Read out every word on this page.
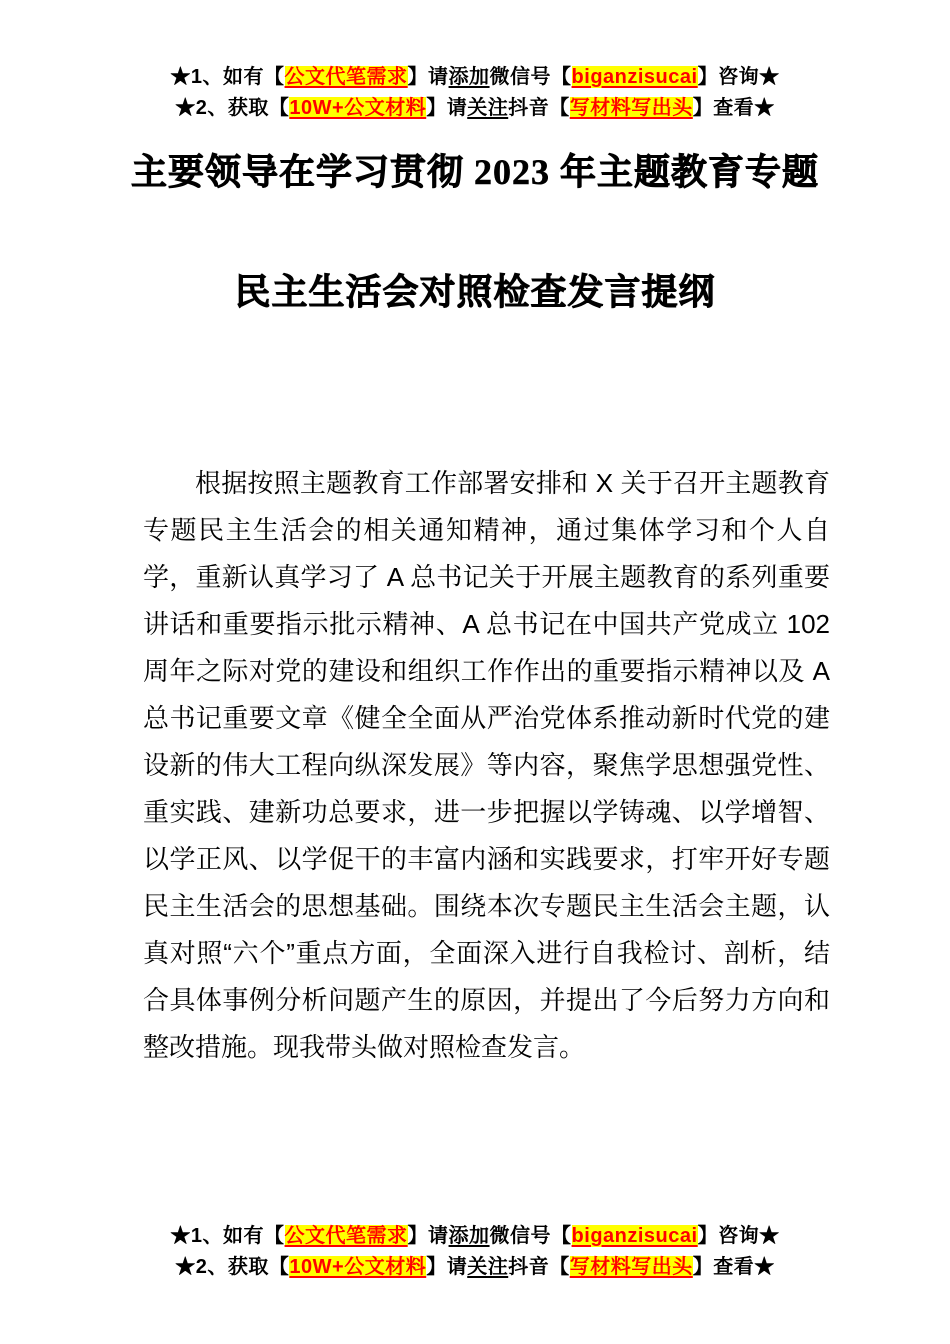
★1、如有【公文代笔需求】请添加微信号【biganzisucai】咨询★
★2、获取【10W+公文材料】请关注抖音【写材料写出头】查看★
主要领导在学习贯彻 2023 年主题教育专题
民主生活会对照检查发言提纲

根据按照主题教育工作部署安排和 X 关于召开主题教育专题民主生活会的相关通知精神，通过集体学习和个人自学，重新认真学习了 A 总书记关于开展主题教育的系列重要讲话和重要指示批示精神、A 总书记在中国共产党成立 102 周年之际对党的建设和组织工作作出的重要指示精神以及 A 总书记重要文章《健全全面从严治党体系推动新时代党的建设新的伟大工程向纵深发展》等内容，聚焦学思想强党性、重实践、建新功总要求，进一步把握以学铸魂、以学增智、以学正风、以学促干的丰富内涵和实践要求，打牢开好专题民主生活会的思想基础。围绕本次专题民主生活会主题，认真对照“六个”重点方面，全面深入进行自我检讨、剖析，结合具体事例分析问题产生的原因，并提出了今后努力方向和整改措施。现我带头做对照检查发言。

★1、如有【公文代笔需求】请添加微信号【biganzisucai】咨询★
★2、获取【10W+公文材料】请关注抖音【写材料写出头】查看★
